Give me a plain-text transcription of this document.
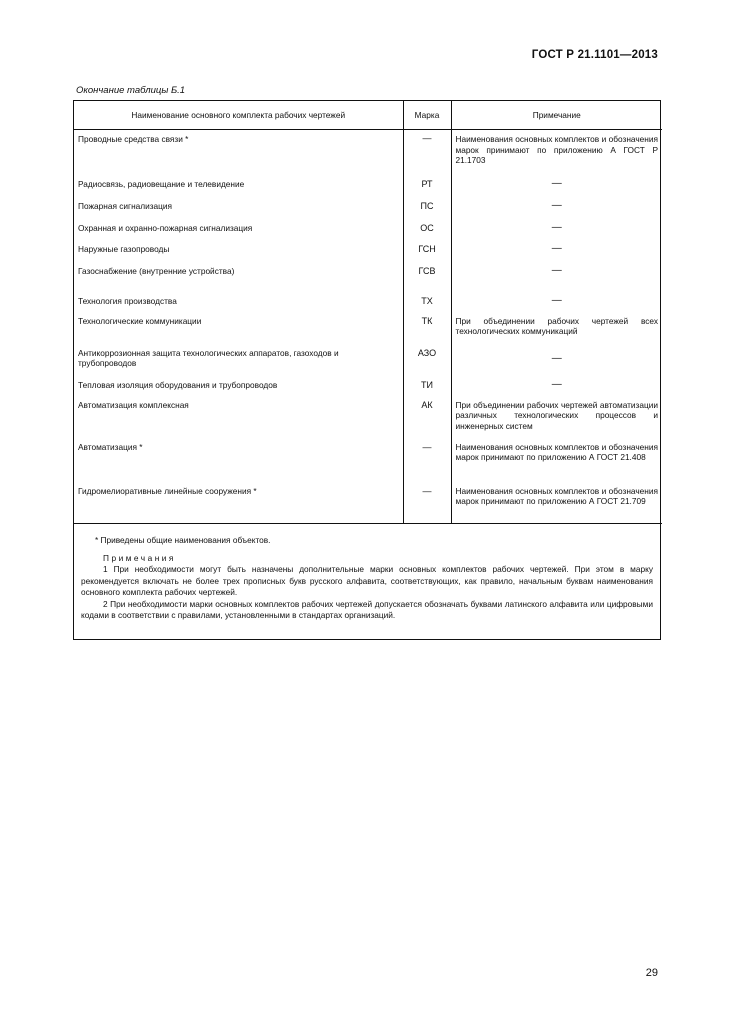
ГОСТ Р 21.1101—2013
Окончание таблицы Б.1
Наименование основного комплекта рабочих чертежей	Марка	Примечание
Проводные средства связи *	—	Наименования основных комплектов и обозначения марок принимают по приложению А ГОСТ Р 21.1703
Радиосвязь, радиовещание и телевидение	РТ	—
Пожарная сигнализация	ПС	—
Охранная и охранно-пожарная сигнализация	ОС	—
Наружные газопроводы	ГСН	—
Газоснабжение (внутренние устройства)	ГСВ	—
Технология производства	ТХ	—
Технологические коммуникации	ТК	При объединении рабочих чертежей всех технологических коммуникаций
Антикоррозионная защита технологических аппаратов, газоходов и трубопроводов	АЗО	—
Тепловая изоляция оборудования и трубопроводов	ТИ	—
Автоматизация комплексная	АК	При объединении рабочих чертежей автоматизации различных технологических процессов и инженерных систем
Автоматизация *	—	Наименования основных комплектов и обозначения марок принимают по приложению А ГОСТ 21.408
Гидромелиоративные линейные сооружения *	—	Наименования основных комплектов и обозначения марок принимают по приложению А ГОСТ 21.709

* Приведены общие наименования объектов.

Примечания

1 При необходимости могут быть назначены дополнительные марки основных комплектов рабочих чертежей. При этом в марку рекомендуется включать не более трех прописных букв русского алфавита, соответствующих, как правило, начальным буквам наименования основного комплекта рабочих чертежей.

2 При необходимости марки основных комплектов рабочих чертежей допускается обозначать буквами латинского алфавита или цифровыми кодами в соответствии с правилами, установленными в стандартах организаций.

29
